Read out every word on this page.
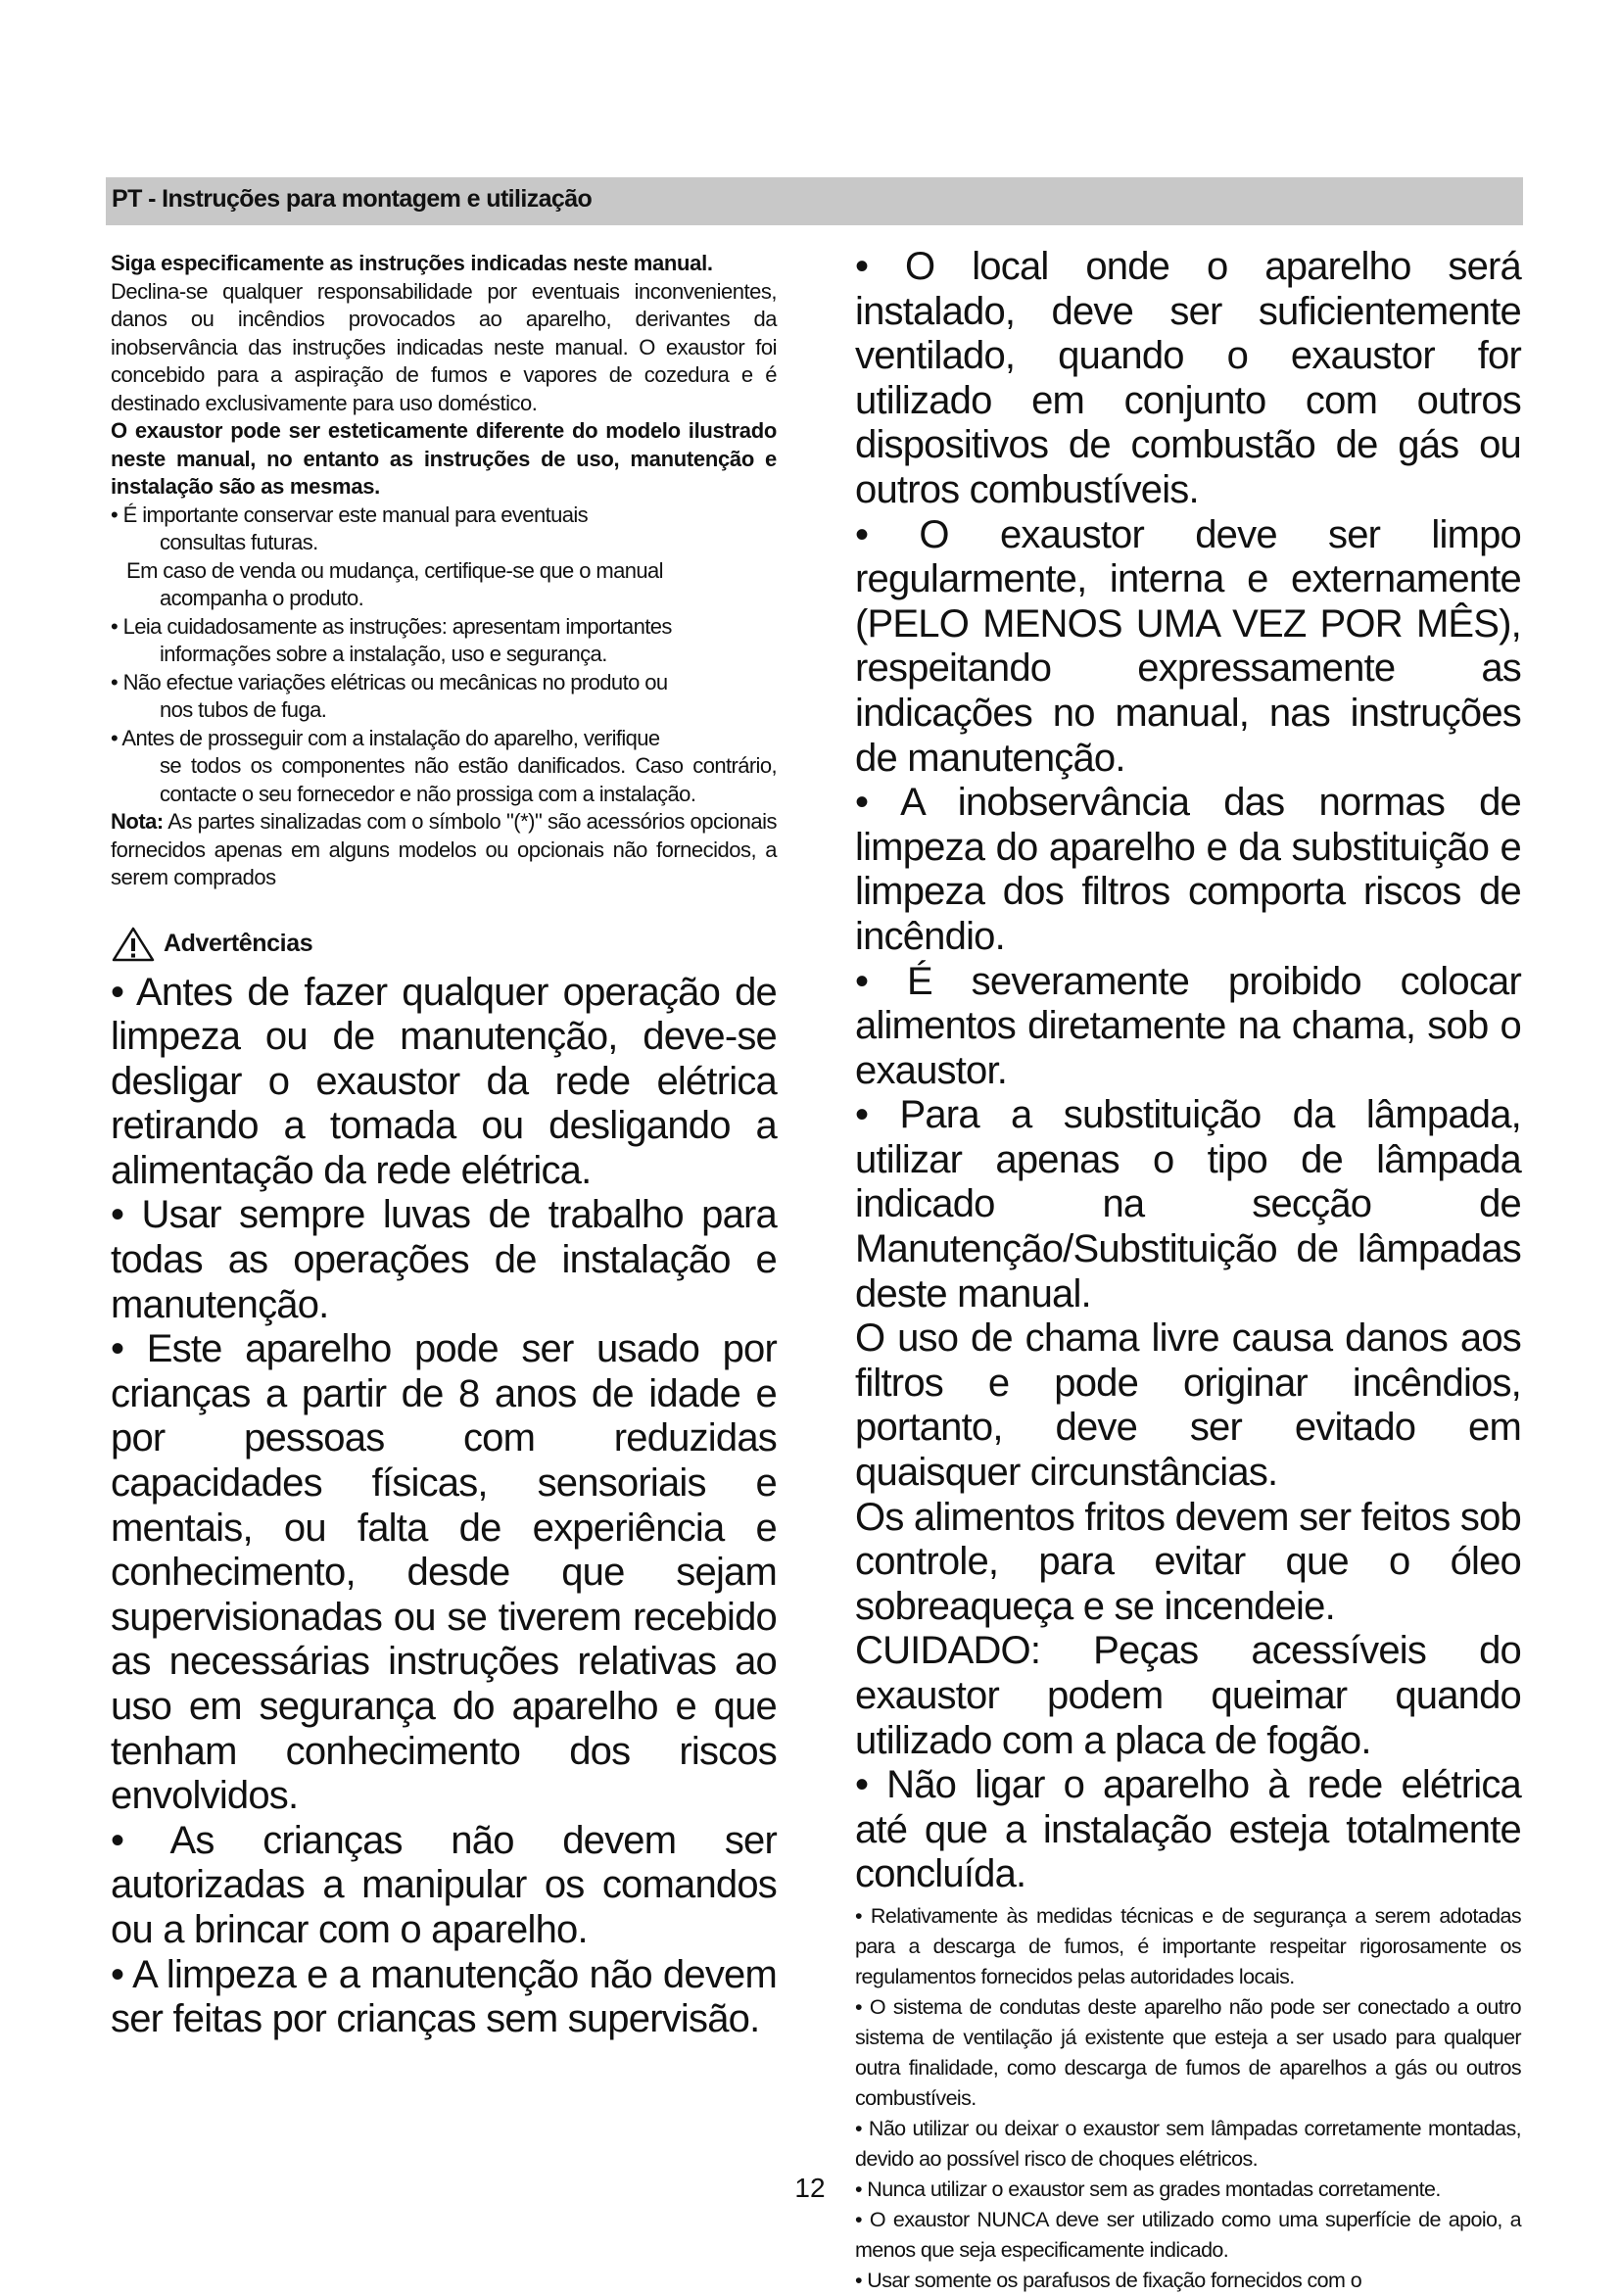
PT - Instruções para montagem e utilização

Siga especificamente as instruções indicadas neste manual.

Declina-se qualquer responsabilidade por eventuais inconvenientes, danos ou incêndios provocados ao aparelho, derivantes da inobservância das instruções indicadas neste manual. O exaustor foi concebido para a aspiração de fumos e vapores de cozedura e é destinado exclusivamente para uso doméstico.

O exaustor pode ser esteticamente diferente do modelo ilustrado neste manual, no entanto as instruções de uso, manutenção e instalação são as mesmas.

• É importante conservar este manual para eventuais
consultas futuras.
Em caso de venda ou mudança, certifique-se que o manual
acompanha o produto.
• Leia cuidadosamente as instruções: apresentam importantes
informações sobre a instalação, uso e segurança.
• Não efectue variações elétricas ou mecânicas no produto ou
nos tubos de fuga.
• Antes de prosseguir com a instalação do aparelho, verifique
se todos os componentes não estão danificados. Caso contrário, contacte o seu fornecedor e não prossiga com a instalação.

Nota: As partes sinalizadas com o símbolo "(*)" são acessórios opcionais fornecidos apenas em alguns modelos ou opcionais não fornecidos, a serem comprados

Advertências

• Antes de fazer qualquer operação de limpeza ou de manutenção, deve-se desligar o exaustor da rede elétrica retirando a tomada ou desligando a alimentação da rede elétrica.

• Usar sempre luvas de trabalho para todas as operações de instalação e manutenção.

• Este aparelho pode ser usado por crianças a partir de 8 anos de idade e por pessoas com reduzidas capacidades físicas, sensoriais e mentais, ou falta de experiência e conhecimento, desde que sejam supervisionadas ou se tiverem recebido as necessárias instruções relativas ao uso em segurança do aparelho e que tenham conhecimento dos riscos envolvidos.

• As crianças não devem ser autorizadas a manipular os comandos ou a brincar com o aparelho.

• A limpeza e a manutenção não devem ser feitas por crianças sem supervisão.

• O local onde o aparelho será instalado, deve ser suficientemente ventilado, quando o exaustor for utilizado em conjunto com outros dispositivos de combustão de gás ou outros combustíveis.

• O exaustor deve ser limpo regularmente, interna e externamente (PELO MENOS UMA VEZ POR MÊS), respeitando expressamente as indicações no manual, nas instruções de manutenção.

• A inobservância das normas de limpeza do aparelho e da substituição e limpeza dos filtros comporta riscos de incêndio.

• É severamente proibido colocar alimentos diretamente na chama, sob o exaustor.

• Para a substituição da lâmpada, utilizar apenas o tipo de lâmpada indicado na secção de Manutenção/Substituição de lâmpadas deste manual.

O uso de chama livre causa danos aos filtros e pode originar incêndios, portanto, deve ser evitado em quaisquer circunstâncias.

Os alimentos fritos devem ser feitos sob controle, para evitar que o óleo sobreaqueça e se incendeie.

CUIDADO: Peças acessíveis do exaustor podem queimar quando utilizado com a placa de fogão.

• Não ligar o aparelho à rede elétrica até que a instalação esteja totalmente concluída.

• Relativamente às medidas técnicas e de segurança a serem adotadas para a descarga de fumos, é importante respeitar rigorosamente os regulamentos fornecidos pelas autoridades locais.

• O sistema de condutas deste aparelho não pode ser conectado a outro sistema de ventilação já existente que esteja a ser usado para qualquer outra finalidade, como descarga de fumos de aparelhos a gás ou outros combustíveis.

• Não utilizar ou deixar o exaustor sem lâmpadas corretamente montadas, devido ao possível risco de choques elétricos.

• Nunca utilizar o exaustor sem as grades montadas corretamente.

• O exaustor NUNCA deve ser utilizado como uma superfície de apoio, a menos que seja especificamente indicado.

• Usar somente os parafusos de fixação fornecidos com o

12
